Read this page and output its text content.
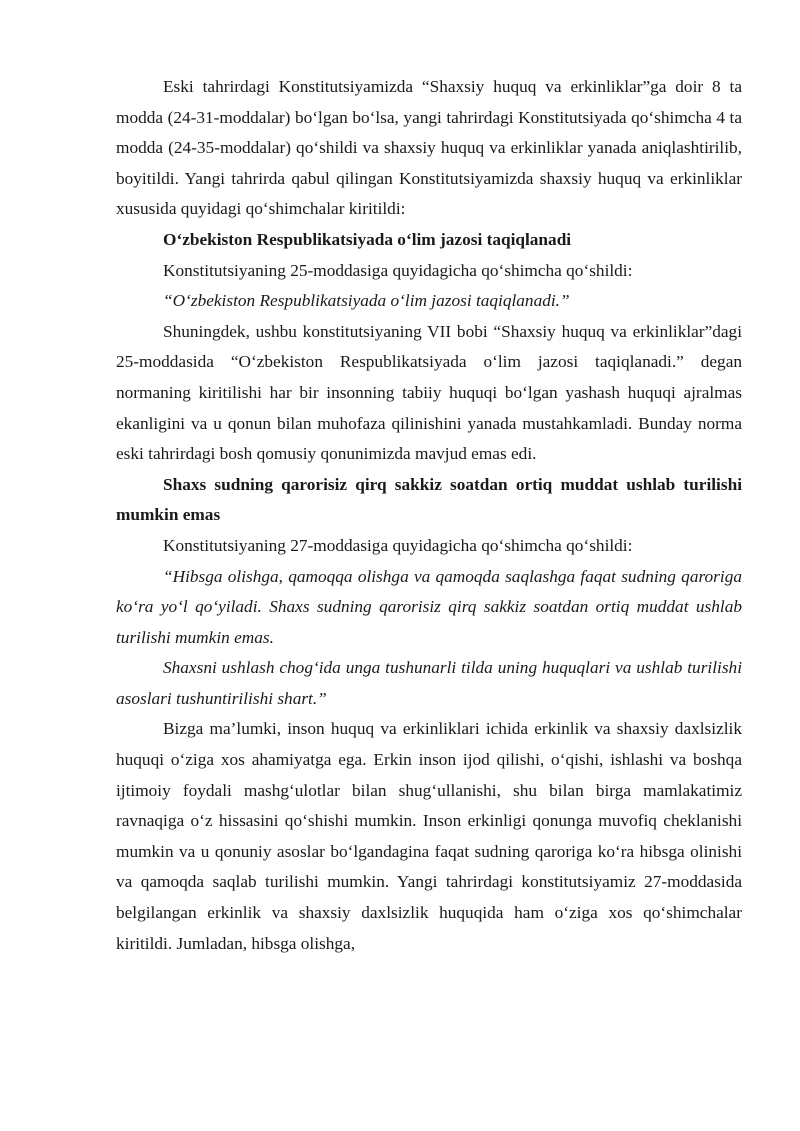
Eski tahrirdagi Konstitutsiyamizda “Shaxsiy huquq va erkinliklar”ga doir 8 ta modda (24-31-moddalar) bo‘lgan bo‘lsa, yangi tahrirdagi Konstitutsiyada qo‘shimcha 4 ta modda (24-35-moddalar) qo‘shildi va shaxsiy huquq va erkinliklar yanada aniqlashtirilib, boyitildi. Yangi tahrirda qabul qilingan Konstitutsiyamizda shaxsiy huquq va erkinliklar xususida quyidagi qo‘shimchalar kiritildi:

O‘zbekiston Respublikatsiyada o‘lim jazosi taqiqlanadi

Konstitutsiyaning 25-moddasiga quyidagicha qo‘shimcha qo‘shildi:

“O‘zbekiston Respublikatsiyada o‘lim jazosi taqiqlanadi.”

Shuningdek, ushbu konstitutsiyaning VII bobi “Shaxsiy huquq va erkinliklar”dagi 25-moddasida “O‘zbekiston Respublikatsiyada o‘lim jazosi taqiqlanadi.” degan normaning kiritilishi har bir insonning tabiiy huquqi bo‘lgan yashash huquqi ajralmas ekanligini va u qonun bilan muhofaza qilinishini yanada mustahkamladi. Bunday norma eski tahrirdagi bosh qomusiy qonunimizda mavjud emas edi.

Shaxs sudning qarorisiz qirq sakkiz soatdan ortiq muddat ushlab turilishi mumkin emas

Konstitutsiyaning 27-moddasiga quyidagicha qo‘shimcha qo‘shildi:

“Hibsga olishga, qamoqqa olishga va qamoqda saqlashga faqat sudning qaroriga ko‘ra yo‘l qo‘yiladi. Shaxs sudning qarorisiz qirq sakkiz soatdan ortiq muddat ushlab turilishi mumkin emas.

Shaxsni ushlash chog‘ida unga tushunarli tilda uning huquqlari va ushlab turilishi asoslari tushuntirilishi shart.”

Bizga ma’lumki, inson huquq va erkinliklari ichida erkinlik va shaxsiy daxlsizlik huquqi o‘ziga xos ahamiyatga ega. Erkin inson ijod qilishi, o‘qishi, ishlashi va boshqa ijtimoiy foydali mashg‘ulotlar bilan shug‘ullanishi, shu bilan birga mamlakatimiz ravnaqiga o‘z hissasini qo‘shishi mumkin. Inson erkinligi qonunga muvofiq cheklanishi mumkin va u qonuniy asoslar bo‘lgandagina faqat sudning qaroriga ko‘ra hibsga olinishi va qamoqda saqlab turilishi mumkin. Yangi tahrirdagi konstitutsiyamiz 27-moddasida belgilangan erkinlik va shaxsiy daxlsizlik huquqida ham o‘ziga xos qo‘shimchalar kiritildi. Jumladan, hibsga olishga,
